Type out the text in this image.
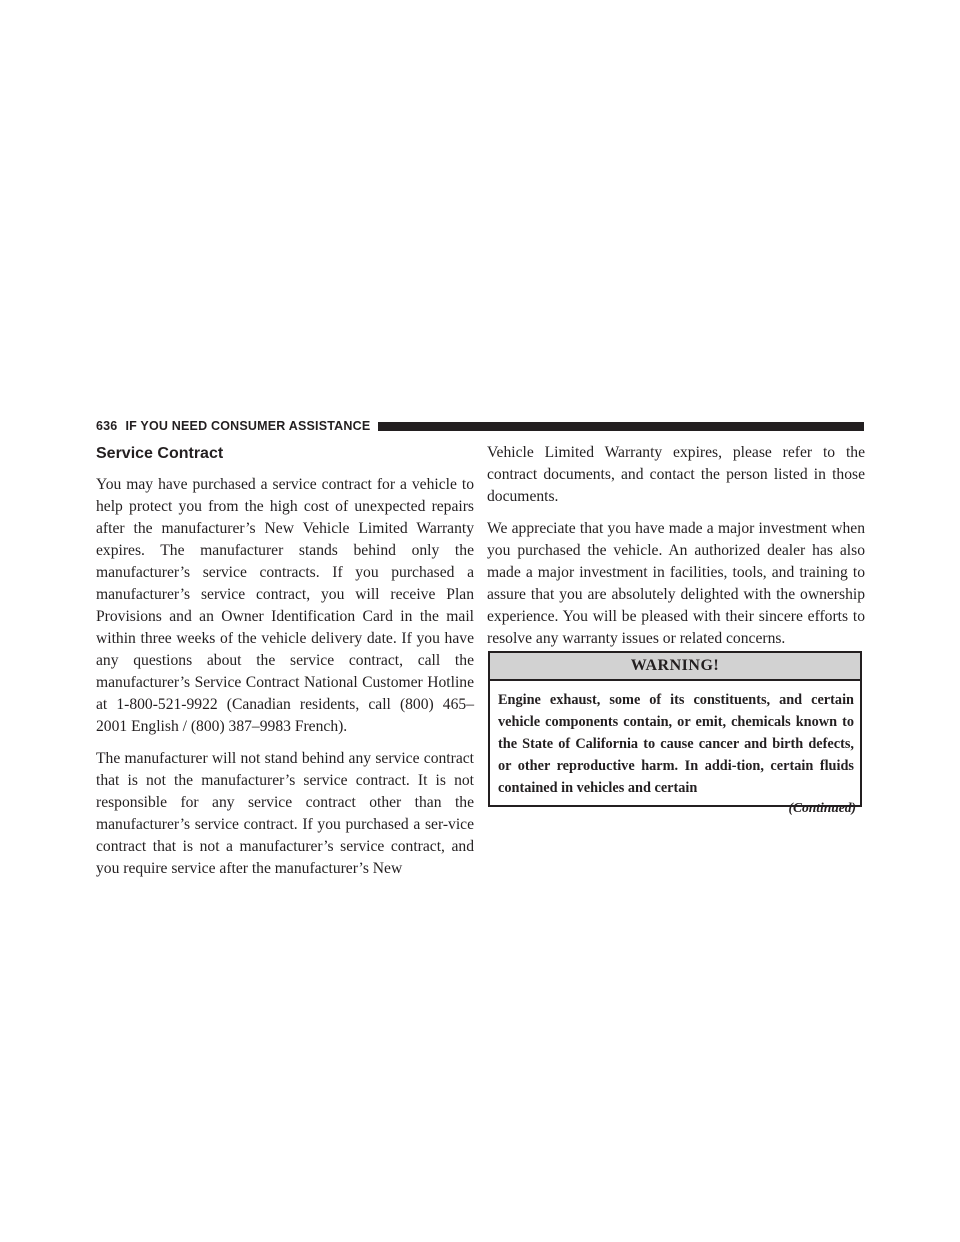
636 IF YOU NEED CONSUMER ASSISTANCE
Service Contract

You may have purchased a service contract for a vehicle to help protect you from the high cost of unexpected repairs after the manufacturer’s New Vehicle Limited Warranty expires. The manufacturer stands behind only the manufacturer’s service contracts. If you purchased a manufacturer’s service contract, you will receive Plan Provisions and an Owner Identification Card in the mail within three weeks of the vehicle delivery date. If you have any questions about the service contract, call the manufacturer’s Service Contract National Customer Hotline at 1-800-521-9922 (Canadian residents, call (800) 465–2001 English / (800) 387–9983 French).

The manufacturer will not stand behind any service contract that is not the manufacturer’s service contract. It is not responsible for any service contract other than the manufacturer’s service contract. If you purchased a ser-vice contract that is not a manufacturer’s service contract, and you require service after the manufacturer’s New

Vehicle Limited Warranty expires, please refer to the contract documents, and contact the person listed in those documents.

We appreciate that you have made a major investment when you purchased the vehicle. An authorized dealer has also made a major investment in facilities, tools, and training to assure that you are absolutely delighted with the ownership experience. You will be pleased with their sincere efforts to resolve any warranty issues or related concerns.

WARNING!
Engine exhaust, some of its constituents, and certain vehicle components contain, or emit, chemicals known to the State of California to cause cancer and birth defects, or other reproductive harm. In addi-tion, certain fluids contained in vehicles and certain
(Continued)
